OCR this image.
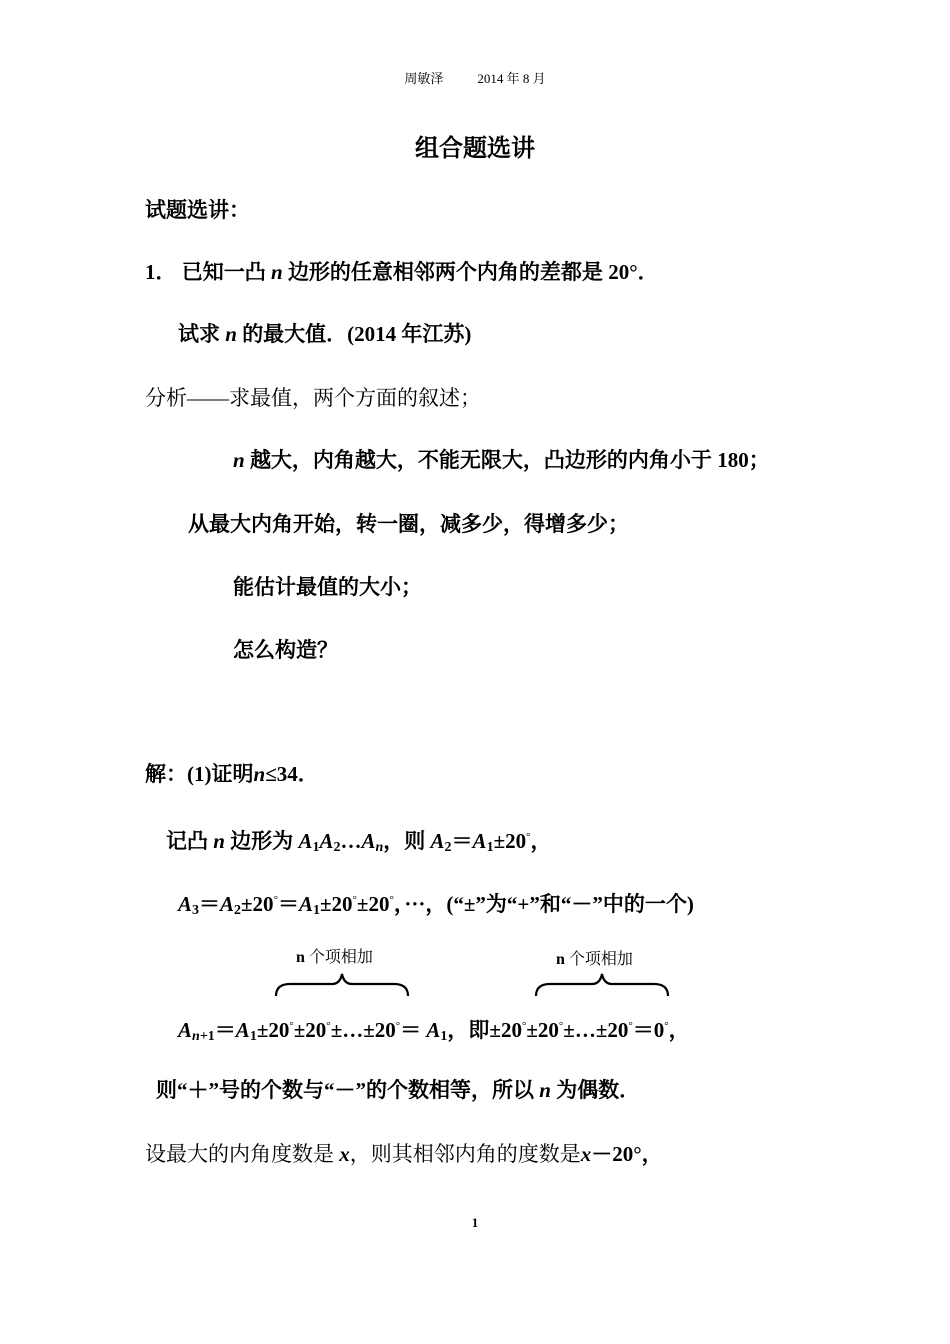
周敏泽	2014 年 8 月
组合题选讲
试题选讲：
1． 已知一凸 n 边形的任意相邻两个内角的差都是 20°．
试求 n 的最大值．(2014 年江苏)
分析——求最值，两个方面的叙述；
n 越大，内角越大，不能无限大，凸边形的内角小于 180；
从最大内角开始，转一圈，减多少，得增多少；
能估计最值的大小；
怎么构造？
解：(1)证明n≤34．
记凸 n 边形为 A1A2…An，则 A2＝A1±20°，
A3＝A2±20°＝A1±20°±20°，···，(“±”为“+”和“－”中的一个)
n 个项相加	n 个项相加
An+1＝A1±20°±20°±…±20°＝ A1，即±20°±20°±…±20°＝0°，
则“＋”号的个数与“－”的个数相等，所以 n 为偶数．
设最大的内角度数是 x，则其相邻内角的度数是x－20°，
1
